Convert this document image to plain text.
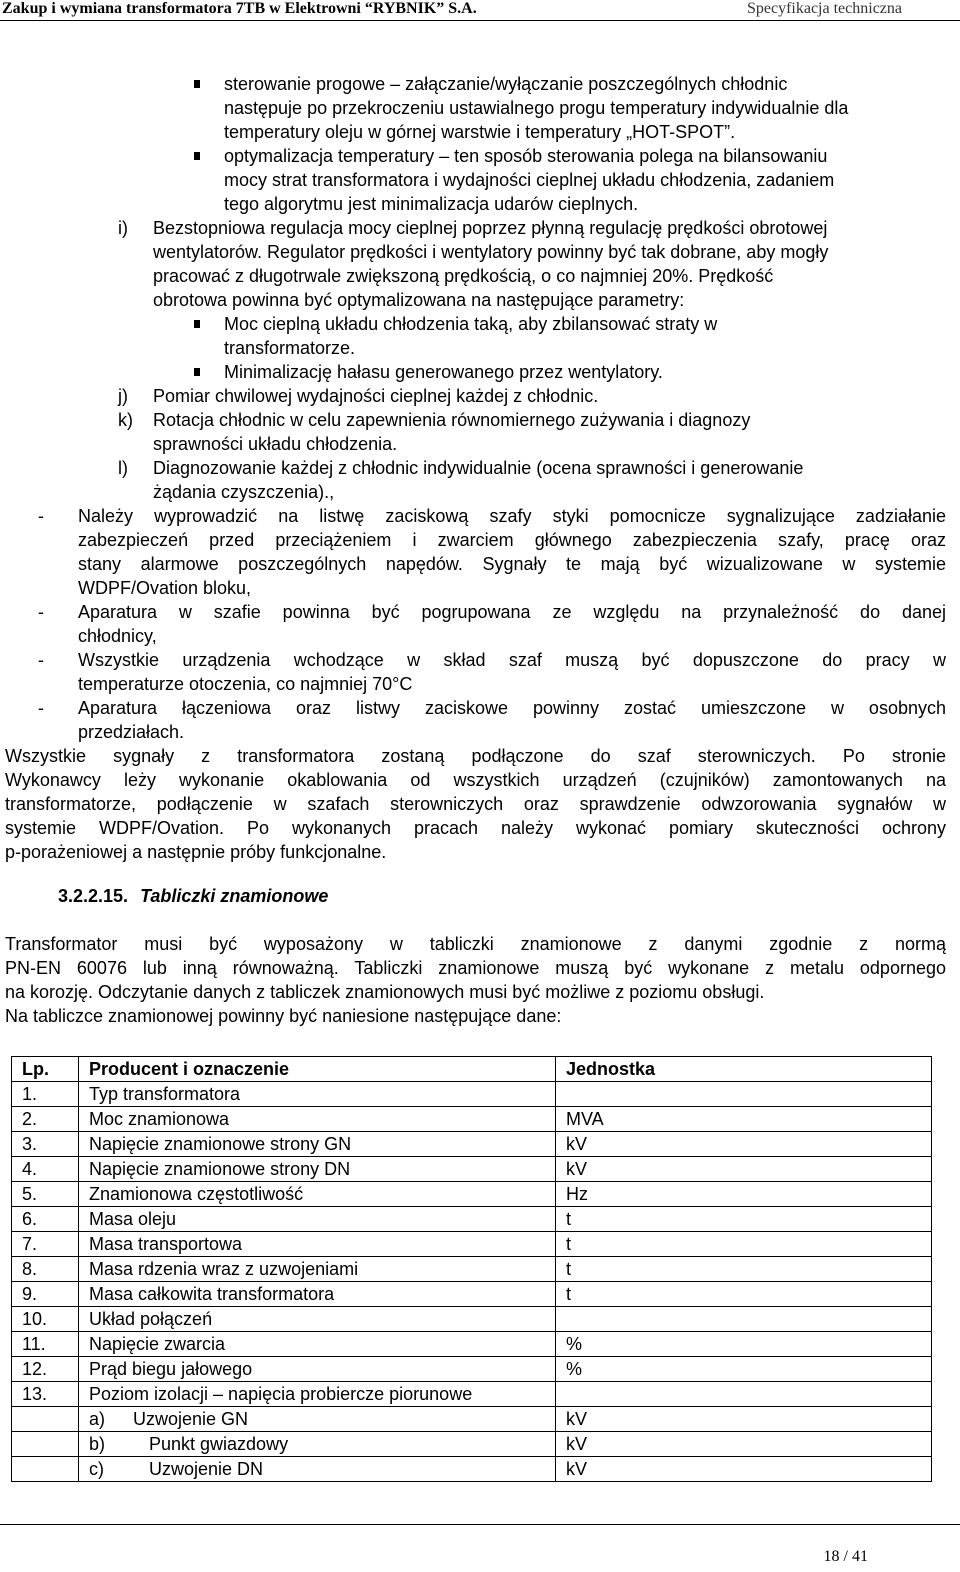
Zakup i wymiana transformatora 7TB w Elektrowni “RYBNIK” S.A.	Specyfikacja techniczna
sterowanie progowe – załączanie/wyłączanie poszczególnych chłodnic
następuje po przekroczeniu ustawialnego progu temperatury indywidualnie dla
temperatury oleju w górnej warstwie i temperatury „HOT-SPOT”.
optymalizacja temperatury – ten sposób sterowania polega na bilansowaniu
mocy strat transformatora i wydajności cieplnej układu chłodzenia, zadaniem
tego algorytmu jest minimalizacja udarów cieplnych.
i) Bezstopniowa regulacja mocy cieplnej poprzez płynną regulację prędkości obrotowej
wentylatorów. Regulator prędkości i wentylatory powinny być tak dobrane, aby mogły
pracować z długotrwale zwiększoną prędkością, o co najmniej 20%. Prędkość
obrotowa powinna być optymalizowana na następujące parametry:
Moc cieplną układu chłodzenia taką, aby zbilansować straty w
transformatorze.
Minimalizację hałasu generowanego przez wentylatory.
j) Pomiar chwilowej wydajności cieplnej każdej z chłodnic.
k) Rotacja chłodnic w celu zapewnienia równomiernego zużywania i diagnozy
sprawności układu chłodzenia.
l) Diagnozowanie każdej z chłodnic indywidualnie (ocena sprawności i generowanie
żądania czyszczenia).,
- Należy wyprowadzić na listwę zaciskową szafy styki pomocnicze sygnalizujące zadziałanie
zabezpieczeń przed przeciążeniem i zwarciem głównego zabezpieczenia szafy, pracę oraz
stany alarmowe poszczególnych napędów. Sygnały te mają być wizualizowane w systemie
WDPF/Ovation bloku,
- Aparatura w szafie powinna być pogrupowana ze względu na przynależność do danej
chłodnicy,
- Wszystkie urządzenia wchodzące w skład szaf muszą być dopuszczone do pracy w
temperaturze otoczenia, co najmniej 70°C
- Aparatura łączeniowa oraz listwy zaciskowe powinny zostać umieszczone w osobnych
przedziałach.
Wszystkie sygnały z transformatora zostaną podłączone do szaf sterowniczych. Po stronie
Wykonawcy leży wykonanie okablowania od wszystkich urządzeń (czujników) zamontowanych na
transformatorze, podłączenie w szafach sterowniczych oraz sprawdzenie odwzorowania sygnałów w
systemie WDPF/Ovation. Po wykonanych pracach należy wykonać pomiary skuteczności ochrony
p-porażeniowej a następnie próby funkcjonalne.
3.2.2.15. Tabliczki znamionowe
Transformator musi być wyposażony w tabliczki znamionowe z danymi zgodnie z normą
PN-EN 60076 lub inną równoważną. Tabliczki znamionowe muszą być wykonane z metalu odpornego
na korozję. Odczytanie danych z tabliczek znamionowych musi być możliwe z poziomu obsługi.
Na tabliczce znamionowej powinny być naniesione następujące dane:
Lp.	Producent i oznaczenie	Jednostka
1.	Typ transformatora	
2.	Moc znamionowa	MVA
3.	Napięcie znamionowe strony GN	kV
4.	Napięcie znamionowe strony DN	kV
5.	Znamionowa częstotliwość	Hz
6.	Masa oleju	t
7.	Masa transportowa	t
8.	Masa rdzenia wraz z uzwojeniami	t
9.	Masa całkowita transformatora	t
10.	Układ połączeń	
11.	Napięcie zwarcia	%
12.	Prąd biegu jałowego	%
13.	Poziom izolacji – napięcia probiercze piorunowe	
	a) Uzwojenie GN	kV
	b) Punkt gwiazdowy	kV
	c) Uzwojenie DN	kV
18 / 41
